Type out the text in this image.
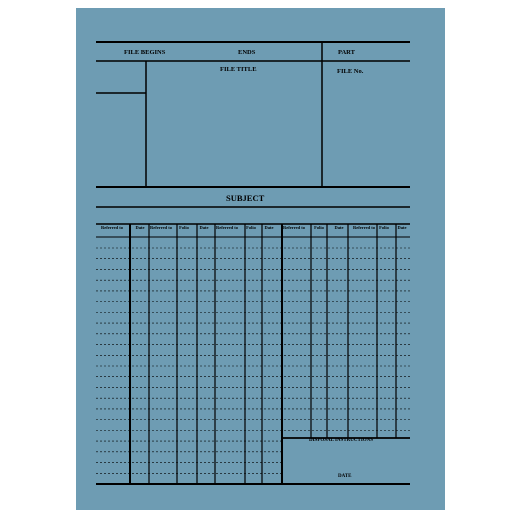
FILE BEGINS	ENDS	PART
FILE TITLE	FILE No.
SUBJECT
Referred to	Date	Referred to	Folio	Date	Referred to	Folio	Date	Referred to	Folio	Date	Referred to Folio	Date
DISPOSAL INSTRUCTIONS
DATE
